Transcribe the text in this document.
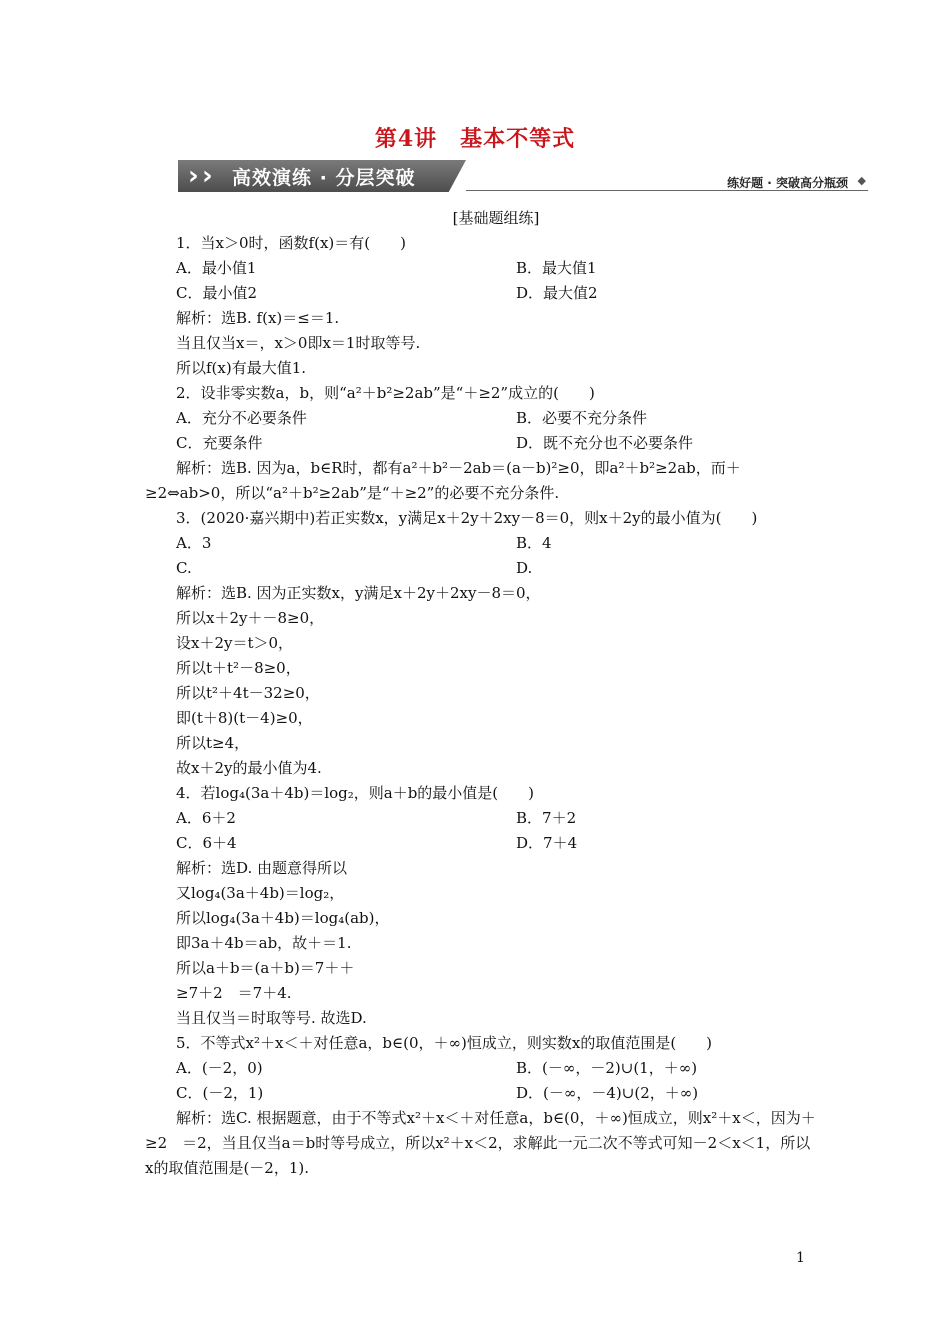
第4讲　基本不等式
› › 高效演练 · 分层突破	练好题 · 突破高分瓶颈 ◆
[基础题组练]
1．当x＞0时，函数f(x)＝有(　　)
A．最小值1	B．最大值1
C．最小值2	D．最大值2
解析：选B. f(x)＝≤＝1.
当且仅当x＝，x＞0即x＝1时取等号.
所以f(x)有最大值1.
2．设非零实数a，b，则“a²＋b²≥2ab”是“＋≥2”成立的(　　)
A．充分不必要条件	B．必要不充分条件
C．充要条件	D．既不充分也不必要条件
解析：选B. 因为a，b∈R时，都有a²＋b²－2ab＝(a－b)²≥0，即a²＋b²≥2ab，而＋≥2⇔ab>0，所以“a²＋b²≥2ab”是“＋≥2”的必要不充分条件.
3．(2020·嘉兴期中)若正实数x，y满足x＋2y＋2xy－8＝0，则x＋2y的最小值为(　　)
A．3	B．4
C.	D.
解析：选B. 因为正实数x，y满足x＋2y＋2xy－8＝0，
所以x＋2y＋－8≥0，
设x＋2y＝t＞0，
所以t＋t²－8≥0，
所以t²＋4t－32≥0，
即(t＋8)(t－4)≥0，
所以t≥4，
故x＋2y的最小值为4.
4．若log₄(3a＋4b)＝log₂，则a＋b的最小值是(　　)
A．6＋2	B．7＋2
C．6＋4	D．7＋4
解析：选D. 由题意得所以
又log₄(3a＋4b)＝log₂，
所以log₄(3a＋4b)＝log₄(ab)，
即3a＋4b＝ab，故＋＝1.
所以a＋b＝(a＋b)＝7＋＋
≥7＋2　＝7＋4.
当且仅当＝时取等号. 故选D.
5．不等式x²＋x＜＋对任意a，b∈(0，＋∞)恒成立，则实数x的取值范围是(　　)
A．(－2，0)	B．(－∞，－2)∪(1，＋∞)
C．(－2，1)	D．(－∞，－4)∪(2，＋∞)
解析：选C. 根据题意，由于不等式x²＋x＜＋对任意a，b∈(0，＋∞)恒成立，则x²＋x＜，因为＋≥2　＝2，当且仅当a＝b时等号成立，所以x²＋x＜2，求解此一元二次不等式可知－2＜x＜1，所以x的取值范围是(－2，1).
1
